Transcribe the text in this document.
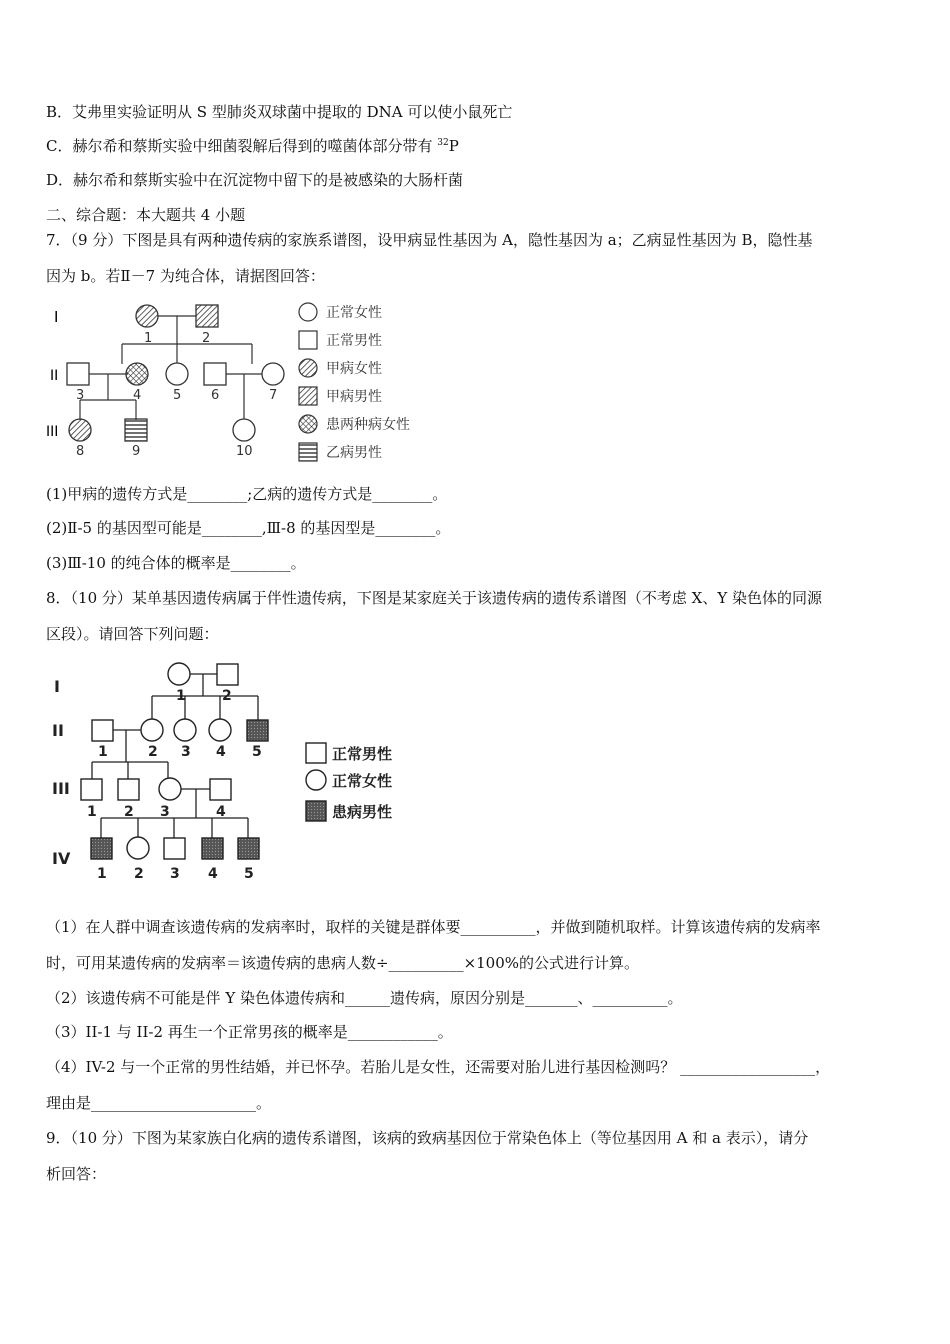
B．艾弗里实验证明从 S 型肺炎双球菌中提取的 DNA 可以使小鼠死亡
C．赫尔希和蔡斯实验中细菌裂解后得到的噬菌体部分带有 $^{32}$P
D．赫尔希和蔡斯实验中在沉淀物中留下的是被感染的大肠杆菌
二、综合题：本大题共 4 小题
7．（9 分）下图是具有两种遗传病的家族系谱图，设甲病显性基因为 A，隐性基因为 a；乙病显性基因为 B，隐性基
因为 b。若Ⅱ－7 为纯合体，请据图回答：
I
II
III
1	2
3	4 5 6	7
8	9	10
正常女性
正常男性
甲病女性
甲病男性
患两种病女性
乙病男性
(1)甲病的遗传方式是________;乙病的遗传方式是________。
(2)Ⅱ-5 的基因型可能是________,Ⅲ-8 的基因型是________。
(3)Ⅲ-10 的纯合体的概率是________。
8．（10 分）某单基因遗传病属于伴性遗传病，下图是某家庭关于该遗传病的遗传系谱图（不考虑 X、Y 染色体的同源
区段）。请回答下列问题：
I
II
III
IV
1	2
1	2 3 4 5
1 2 3	4
1 2 3 4 5
正常男性
正常女性
患病男性
（1）在人群中调查该遗传病的发病率时，取样的关键是群体要__________，并做到随机取样。计算该遗传病的发病率
时，可用某遗传病的发病率＝该遗传病的患病人数÷__________×100%的公式进行计算。
（2）该遗传病不可能是伴 Y 染色体遗传病和______遗传病，原因分别是_______、__________。
（3）II-1 与 II-2 再生一个正常男孩的概率是____________。
（4）IV-2 与一个正常的男性结婚，并已怀孕。若胎儿是女性，还需要对胎儿进行基因检测吗？ __________________，
理由是______________________。
9．（10 分）下图为某家族白化病的遗传系谱图，该病的致病基因位于常染色体上（等位基因用 A 和 a 表示），请分
析回答：
